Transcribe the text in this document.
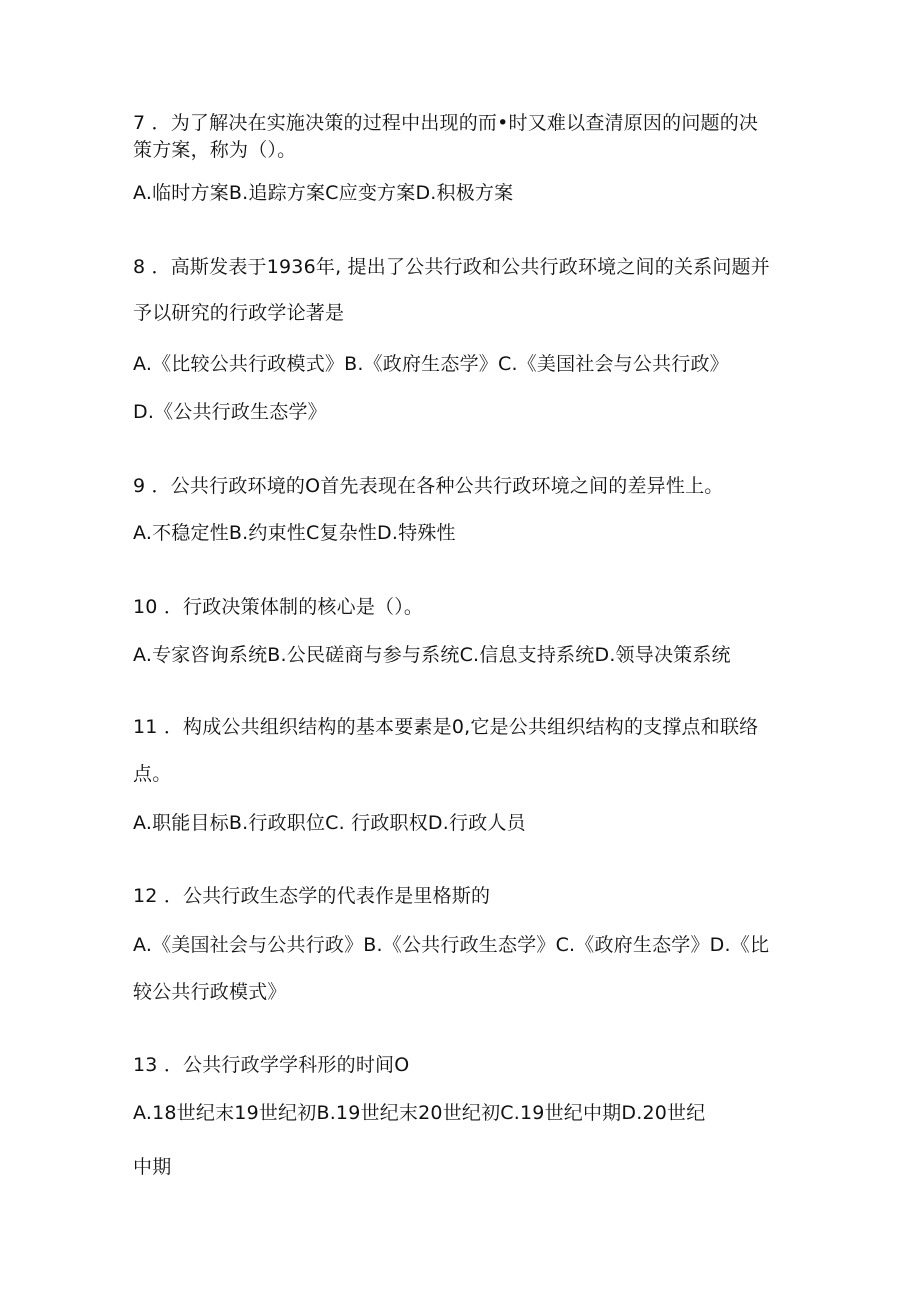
7 ．为了解决在实施决策的过程中出现的而•时又难以查清原因的问题的决
策方案，称为（）。
A.临时方案B.追踪方案C应变方案D.积极方案
8 ．高斯发表于1936年, 提出了公共行政和公共行政环境之间的关系问题并
予以研究的行政学论著是
A.《比较公共行政模式》B.《政府生态学》C.《美国社会与公共行政》
D.《公共行政生态学》
9 ．公共行政环境的O首先表现在各种公共行政环境之间的差异性上。
A.不稳定性B.约束性C复杂性D.特殊性
10 ．行政决策体制的核心是（）。
A.专家咨询系统B.公民磋商与参与系统C.信息支持系统D.领导决策系统
11 ．构成公共组织结构的基本要素是0,它是公共组织结构的支撑点和联络
点。
A.职能目标B.行政职位C. 行政职权D.行政人员
12 ．公共行政生态学的代表作是里格斯的
A.《美国社会与公共行政》B.《公共行政生态学》C.《政府生态学》D.《比
较公共行政模式》
13 ．公共行政学学科形的时间O
A.18世纪末19世纪初B.19世纪末20世纪初C.19世纪中期D.20世纪
中期
